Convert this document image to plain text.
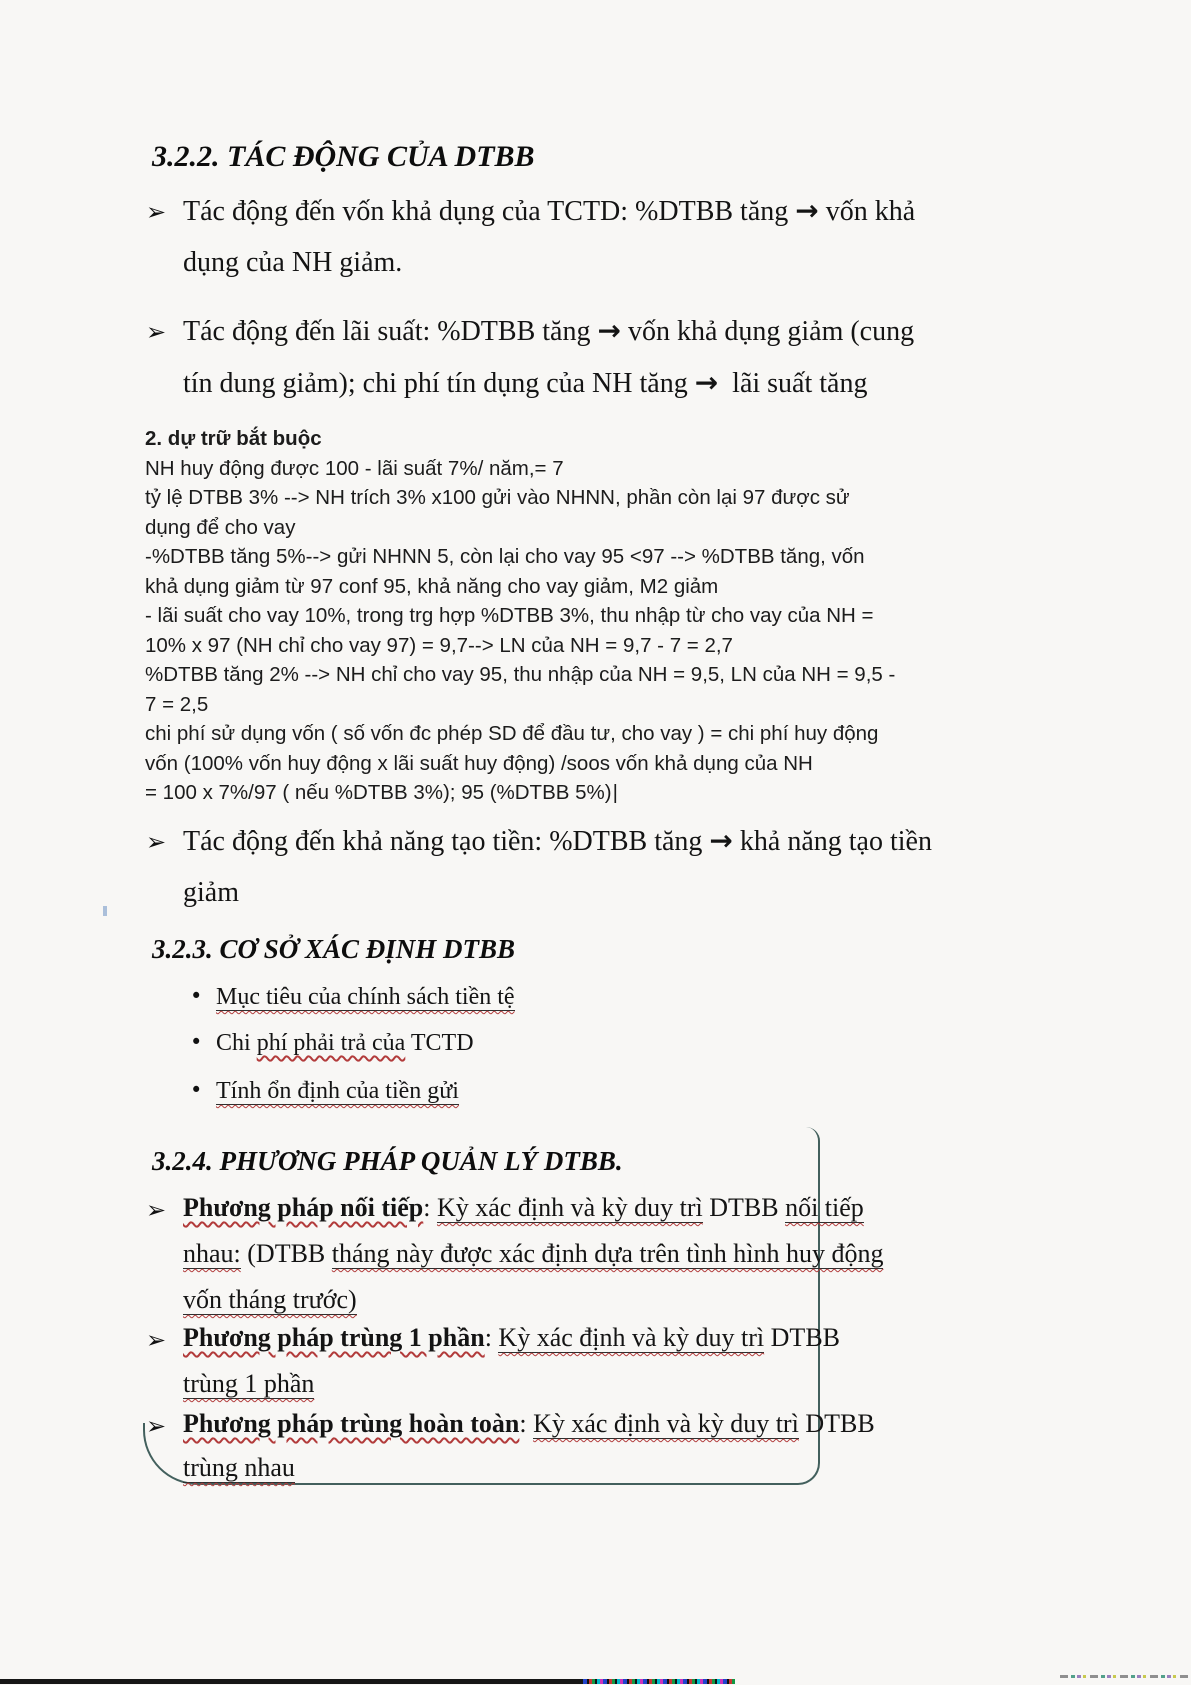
3.2.2. TÁC ĐỘNG CỦA DTBB
➢ Tác động đến vốn khả dụng của TCTD: %DTBB tăng → vốn khả
dụng của NH giảm.
➢ Tác động đến lãi suất: %DTBB tăng → vốn khả dụng giảm (cung
tín dung giảm); chi phí tín dụng của NH tăng →  lãi suất tăng
2. dự trữ bắt buộc
NH huy động được 100 - lãi suất 7%/ năm,= 7
tỷ lệ DTBB 3% --> NH trích 3% x100 gửi vào NHNN, phần còn lại 97 được sử
dụng để cho vay
-%DTBB tăng 5%--> gửi NHNN 5, còn lại cho vay 95 <97 --> %DTBB tăng, vốn
khả dụng giảm từ 97 conf 95, khả năng cho vay giảm, M2 giảm
- lãi suất cho vay 10%, trong trg hợp %DTBB 3%, thu nhập từ cho vay của NH =
10% x 97 (NH chỉ cho vay 97) = 9,7--> LN của NH = 9,7 - 7 = 2,7
%DTBB tăng 2% --> NH chỉ cho vay 95, thu nhập của NH = 9,5, LN của NH = 9,5 -
7 = 2,5
chi phí sử dụng vốn ( số vốn đc phép SD để đầu tư, cho vay ) = chi phí huy động
vốn (100% vốn huy động x lãi suất huy động) /soos vốn khả dụng của NH
= 100 x 7%/97 ( nếu %DTBB 3%); 95 (%DTBB 5%)|
➢ Tác động đến khả năng tạo tiền: %DTBB tăng → khả năng tạo tiền
giảm
3.2.3. CƠ SỞ XÁC ĐỊNH DTBB
• Mục tiêu của chính sách tiền tệ
• Chi phí phải trả của TCTD
• Tính ổn định của tiền gửi
3.2.4. PHƯƠNG PHÁP QUẢN LÝ DTBB.
➢ Phương pháp nối tiếp: Kỳ xác định và kỳ duy trì DTBB nối tiếp
nhau: (DTBB tháng này được xác định dựa trên tình hình huy động
vốn tháng trước)
➢ Phương pháp trùng 1 phần: Kỳ xác định và kỳ duy trì DTBB
trùng 1 phần
➢ Phương pháp trùng hoàn toàn: Kỳ xác định và kỳ duy trì DTBB
trùng nhau
